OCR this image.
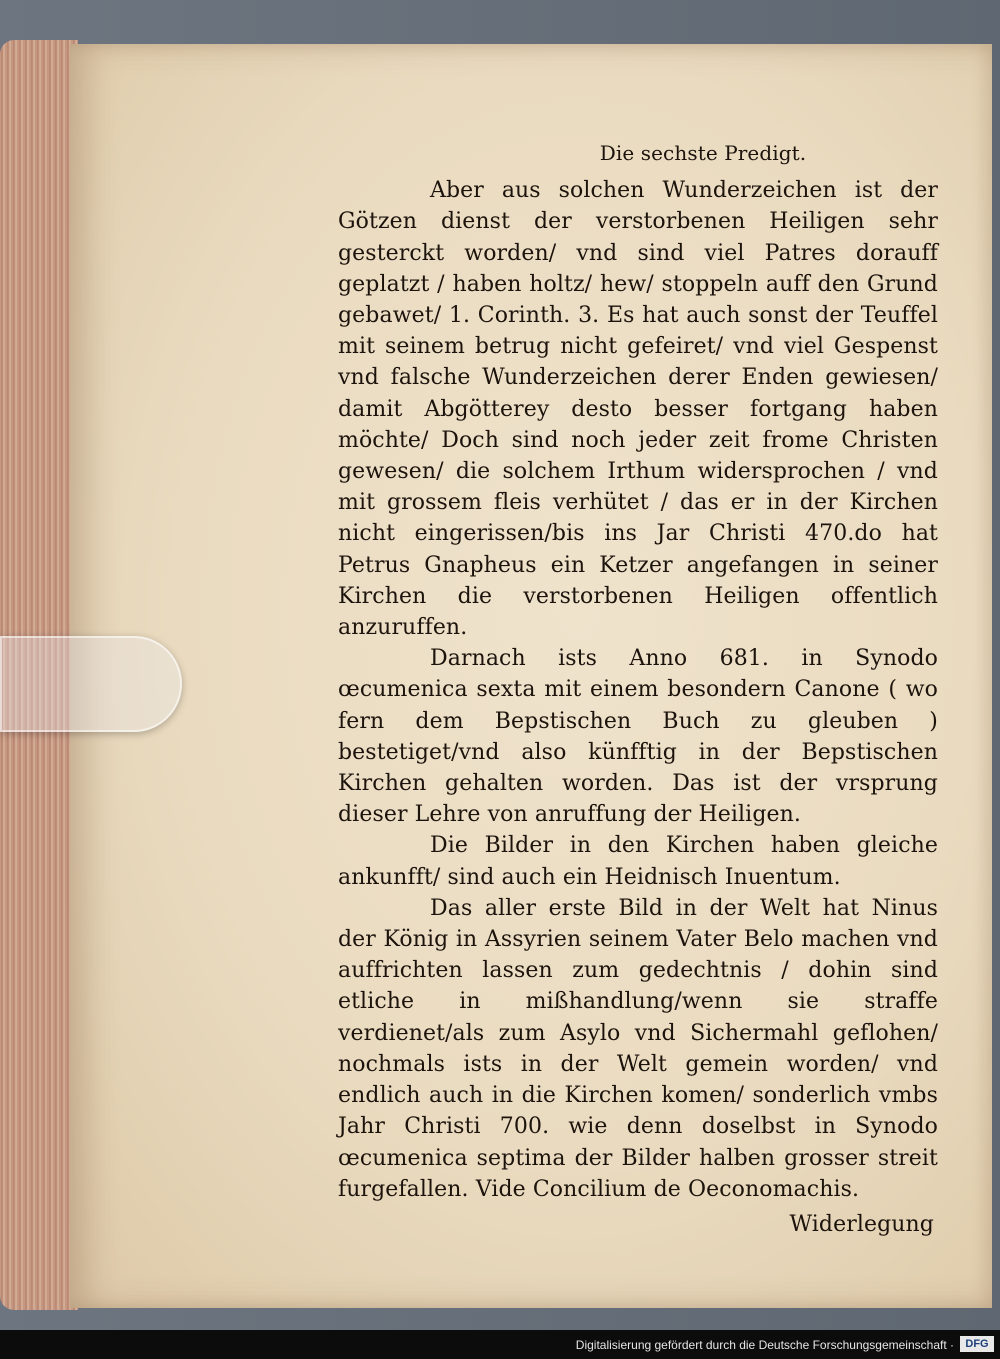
Die sechste Predigt.

Aber aus solchen Wunderzeichen ist der Götzen dienst der verstorbenen Heiligen sehr gesterckt worden/ vnd sind viel Patres dorauff geplatzt / haben holtz/ hew/ stoppeln auff den Grund gebawet/ 1. Corinth. 3. Es hat auch sonst der Teuffel mit seinem betrug nicht gefeiret/ vnd viel Gespenst vnd falsche Wunderzeichen derer Enden gewiesen/ damit Abgötterey desto besser fortgang haben möchte/ Doch sind noch jeder zeit frome Christen gewesen/ die solchem Irthum widersprochen / vnd mit grossem fleis verhütet / das er in der Kirchen nicht eingerissen/bis ins Jar Christi 470.do hat Petrus Gnapheus ein Ketzer angefangen in seiner Kirchen die verstorbenen Heiligen offentlich anzuruffen.

Darnach ists Anno 681. in Synodo œcumenica sexta mit einem besondern Canone ( wo fern dem Bepstischen Buch zu gleuben ) bestetiget/vnd also künfftig in der Bepstischen Kirchen gehalten worden. Das ist der vrsprung dieser Lehre von anruffung der Heiligen.

Die Bilder in den Kirchen haben gleiche ankunfft/ sind auch ein Heidnisch Inuentum.

Das aller erste Bild in der Welt hat Ninus der König in Assyrien seinem Vater Belo machen vnd auffrichten lassen zum gedechtnis / dohin sind etliche in mißhandlung/wenn sie straffe verdienet/als zum Asylo vnd Sichermahl geflohen/ nochmals ists in der Welt gemein worden/ vnd endlich auch in die Kirchen komen/ sonderlich vmbs Jahr Christi 700. wie denn doselbst in Synodo œcumenica septima der Bilder halben grosser streit furgefallen. Vide Concilium de Oeconomachis.

Widerlegung
Digitalisierung gefördert durch die Deutsche Forschungsgemeinschaft ·	DFG
